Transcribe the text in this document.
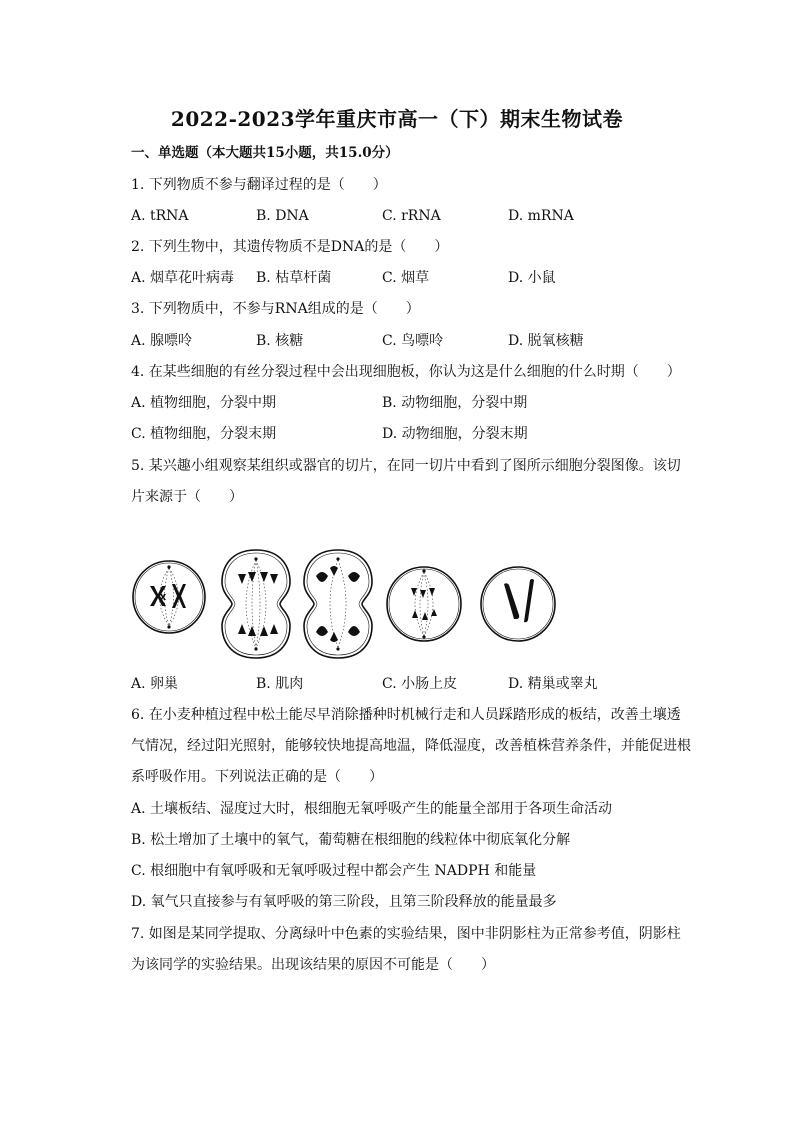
2022-2023学年重庆市高一（下）期末生物试卷
一、单选题（本大题共15小题，共15.0分）
1. 下列物质不参与翻译过程的是（　　）
A. tRNA	B. DNA	C. rRNA	D. mRNA
2. 下列生物中，其遗传物质不是DNA的是（　　）
A. 烟草花叶病毒 B. 枯草杆菌	C. 烟草	D. 小鼠
3. 下列物质中，不参与RNA组成的是（　　）
A. 腺嘌呤	B. 核糖	C. 鸟嘌呤	D. 脱氧核糖
4. 在某些细胞的有丝分裂过程中会出现细胞板，你认为这是什么细胞的什么时期（　　）
A. 植物细胞，分裂中期	B. 动物细胞，分裂中期
C. 植物细胞，分裂末期	D. 动物细胞，分裂末期
5. 某兴趣小组观察某组织或器官的切片，在同一切片中看到了图所示细胞分裂图像。该切
片来源于（　　）
A. 卵巢	B. 肌肉	C. 小肠上皮	D. 精巢或睾丸
6. 在小麦种植过程中松土能尽早消除播种时机械行走和人员踩踏形成的板结，改善土壤透
气情况，经过阳光照射，能够较快地提高地温，降低湿度，改善植株营养条件，并能促进根
系呼吸作用。下列说法正确的是（　　）
A. 土壤板结、湿度过大时，根细胞无氧呼吸产生的能量全部用于各项生命活动
B. 松土增加了土壤中的氧气，葡萄糖在根细胞的线粒体中彻底氧化分解
C. 根细胞中有氧呼吸和无氧呼吸过程中都会产生 NADPH 和能量
D. 氧气只直接参与有氧呼吸的第三阶段，且第三阶段释放的能量最多
7. 如图是某同学提取、分离绿叶中色素的实验结果，图中非阴影柱为正常参考值，阴影柱
为该同学的实验结果。出现该结果的原因不可能是（　　）
